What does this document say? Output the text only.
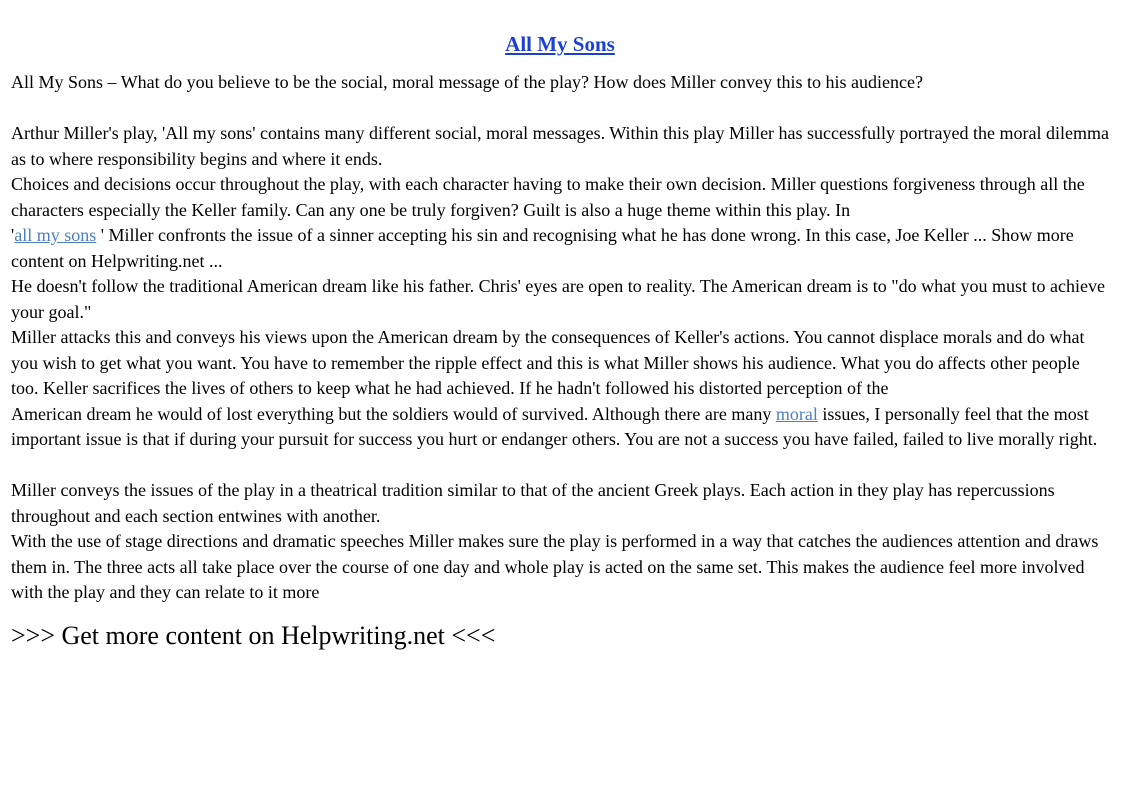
All My Sons
All My Sons – What do you believe to be the social, moral message of the play? How does Miller convey this to his audience?
Arthur Miller's play, 'All my sons' contains many different social, moral messages. Within this play Miller has successfully portrayed the moral dilemma as to where responsibility begins and where it ends.
Choices and decisions occur throughout the play, with each character having to make their own decision. Miller questions forgiveness through all the characters especially the Keller family. Can any one be truly forgiven? Guilt is also a huge theme within this play. In
'all my sons ' Miller confronts the issue of a sinner accepting his sin and recognising what he has done wrong. In this case, Joe Keller ... Show more content on Helpwriting.net ...
He doesn't follow the traditional American dream like his father. Chris' eyes are open to reality. The American dream is to "do what you must to achieve your goal."
Miller attacks this and conveys his views upon the American dream by the consequences of Keller's actions. You cannot displace morals and do what you wish to get what you want. You have to remember the ripple effect and this is what Miller shows his audience. What you do affects other people too. Keller sacrifices the lives of others to keep what he had achieved. If he hadn't followed his distorted perception of the
American dream he would of lost everything but the soldiers would of survived. Although there are many moral issues, I personally feel that the most important issue is that if during your pursuit for success you hurt or endanger others. You are not a success you have failed, failed to live morally right.
Miller conveys the issues of the play in a theatrical tradition similar to that of the ancient Greek plays. Each action in they play has repercussions throughout and each section entwines with another.
With the use of stage directions and dramatic speeches Miller makes sure the play is performed in a way that catches the audiences attention and draws them in. The three acts all take place over the course of one day and whole play is acted on the same set. This makes the audience feel more involved with the play and they can relate to it more
>>> Get more content on Helpwriting.net <<<
